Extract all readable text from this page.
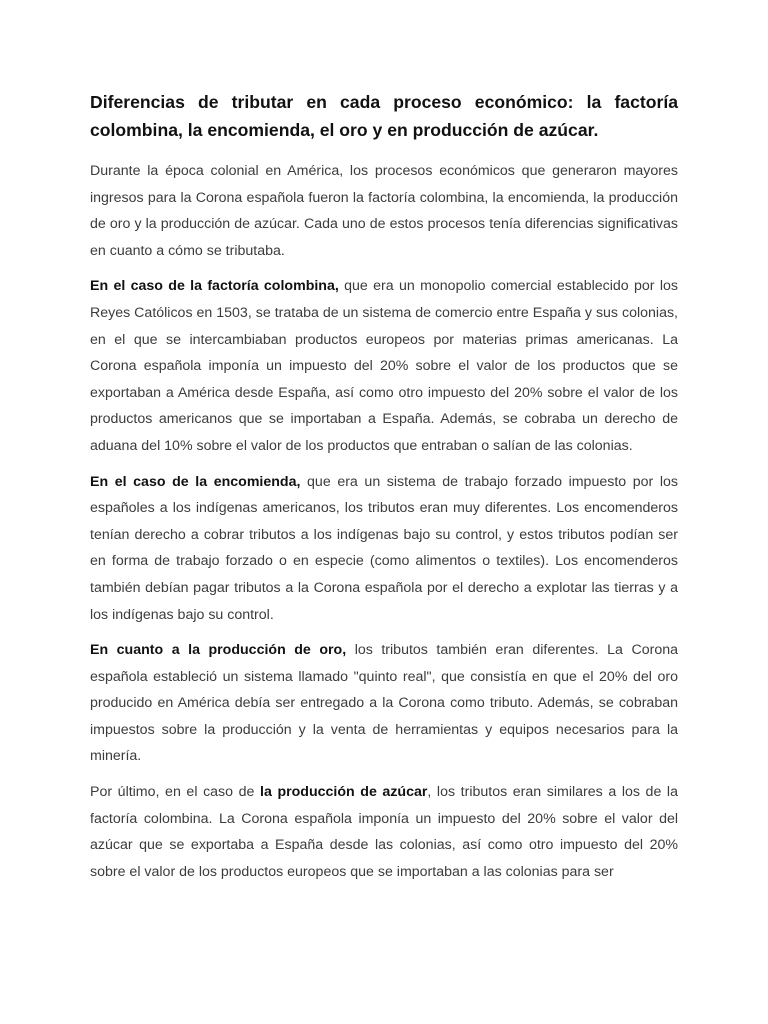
Diferencias de tributar en cada proceso económico: la factoría colombina, la encomienda, el oro y en producción de azúcar.

Durante la época colonial en América, los procesos económicos que generaron mayores ingresos para la Corona española fueron la factoría colombina, la encomienda, la producción de oro y la producción de azúcar. Cada uno de estos procesos tenía diferencias significativas en cuanto a cómo se tributaba.

En el caso de la factoría colombina, que era un monopolio comercial establecido por los Reyes Católicos en 1503, se trataba de un sistema de comercio entre España y sus colonias, en el que se intercambiaban productos europeos por materias primas americanas. La Corona española imponía un impuesto del 20% sobre el valor de los productos que se exportaban a América desde España, así como otro impuesto del 20% sobre el valor de los productos americanos que se importaban a España. Además, se cobraba un derecho de aduana del 10% sobre el valor de los productos que entraban o salían de las colonias.

En el caso de la encomienda, que era un sistema de trabajo forzado impuesto por los españoles a los indígenas americanos, los tributos eran muy diferentes. Los encomenderos tenían derecho a cobrar tributos a los indígenas bajo su control, y estos tributos podían ser en forma de trabajo forzado o en especie (como alimentos o textiles). Los encomenderos también debían pagar tributos a la Corona española por el derecho a explotar las tierras y a los indígenas bajo su control.

En cuanto a la producción de oro, los tributos también eran diferentes. La Corona española estableció un sistema llamado "quinto real", que consistía en que el 20% del oro producido en América debía ser entregado a la Corona como tributo. Además, se cobraban impuestos sobre la producción y la venta de herramientas y equipos necesarios para la minería.

Por último, en el caso de la producción de azúcar, los tributos eran similares a los de la factoría colombina. La Corona española imponía un impuesto del 20% sobre el valor del azúcar que se exportaba a España desde las colonias, así como otro impuesto del 20% sobre el valor de los productos europeos que se importaban a las colonias para ser
